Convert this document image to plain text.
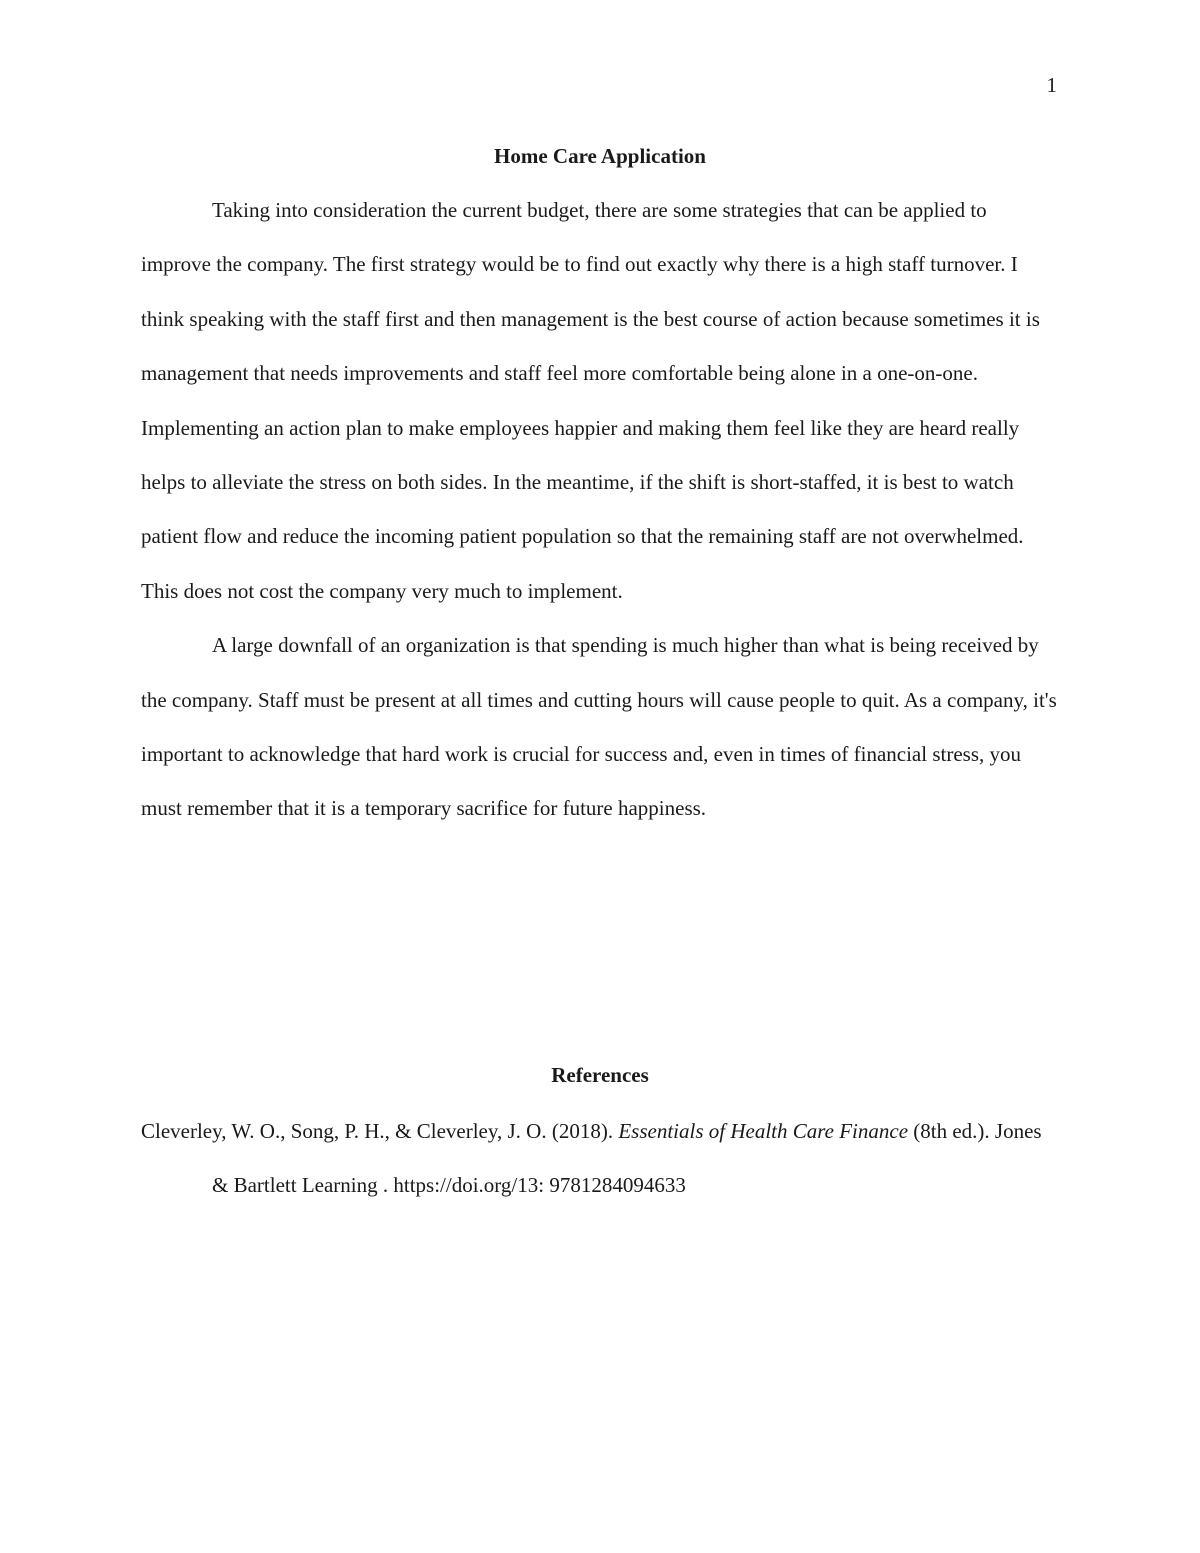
1
Home Care Application

Taking into consideration the current budget, there are some strategies that can be applied to improve the company. The first strategy would be to find out exactly why there is a high staff turnover. I think speaking with the staff first and then management is the best course of action because sometimes it is management that needs improvements and staff feel more comfortable being alone in a one-on-one. Implementing an action plan to make employees happier and making them feel like they are heard really helps to alleviate the stress on both sides. In the meantime, if the shift is short-staffed, it is best to watch patient flow and reduce the incoming patient population so that the remaining staff are not overwhelmed. This does not cost the company very much to implement.

A large downfall of an organization is that spending is much higher than what is being received by the company. Staff must be present at all times and cutting hours will cause people to quit. As a company, it's important to acknowledge that hard work is crucial for success and, even in times of financial stress, you must remember that it is a temporary sacrifice for future happiness.

References

Cleverley, W. O., Song, P. H., & Cleverley, J. O. (2018). Essentials of Health Care Finance (8th ed.). Jones & Bartlett Learning . https://doi.org/13: 9781284094633
